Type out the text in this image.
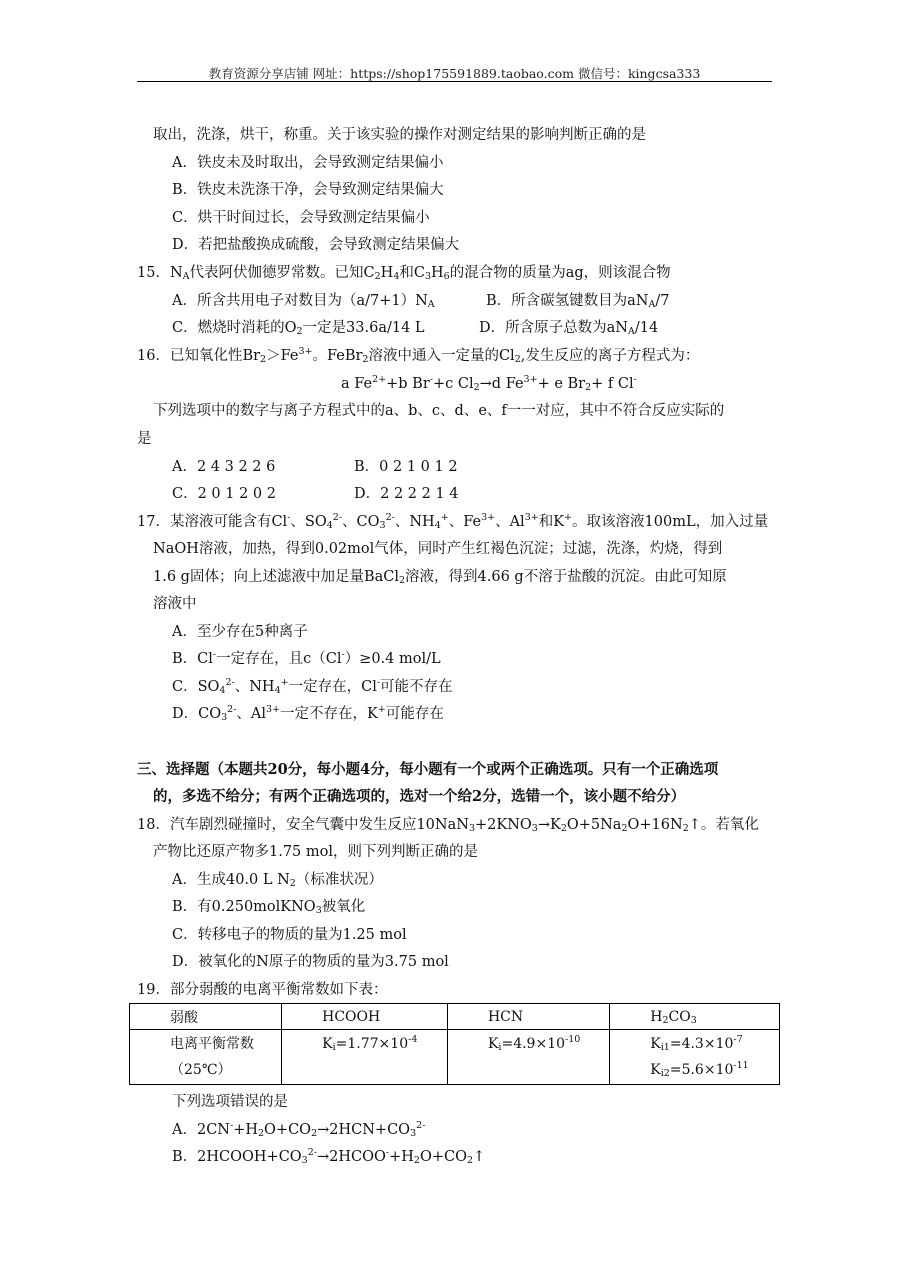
教育资源分享店铺 网址：https://shop175591889.taobao.com 微信号：kingcsa333
取出，洗涤，烘干，称重。关于该实验的操作对测定结果的影响判断正确的是
A．铁皮未及时取出，会导致测定结果偏小
B．铁皮未洗涤干净，会导致测定结果偏大
C．烘干时间过长，会导致测定结果偏小
D．若把盐酸换成硫酸，会导致测定结果偏大
15．$N_A$代表阿伏伽德罗常数。已知$C_2H_4$和$C_3H_6$的混合物的质量为ag，则该混合物
A．所含共用电子对数目为$(a/7+1)N_A$	B．所含碳氢键数目为$aN_A/7$
C．燃烧时消耗的$O_2$一定是33.6a/14 L	D．所含原子总数为$aN_A/14$
16．已知氧化性$Br_2>Fe^{3+}$。FeBr$_2$溶液中通入一定量的$Cl_2$,发生反应的离子方程式为：
a $Fe^{2+}+b$ Br-+c $Cl_2\to d$ $Fe^{3+}+ e$ $Br_2+ f$ Cl-
下列选项中的数字与离子方程式中的a、b、c、d、e、f一一对应，其中不符合反应实际的
是
A．2 4 3 2 2 6	B．0 2 1 0 1 2
C．2 0 1 2 0 2	D．2 2 2 2 1 4
17．某溶液可能含有Cl-、$SO_4^{2-}$、$CO_3^{2-}$、$NH_4^+$、$Fe^{3+}$、$Al^{3+}$和K+。取该溶液100mL，加入过量
NaOH溶液，加热，得到0.02mol气体，同时产生红褐色沉淀；过滤，洗涤，灼烧，得到
1.6 g固体；向上述滤液中加足量BaCl$_2$溶液，得到4.66 g不溶于盐酸的沉淀。由此可知原
溶液中
A．至少存在5种离子
B．Cl-一定存在，且c（Cl-）≥0.4 mol/L
C．$SO_4^{2-}$、$NH_4^+$一定存在，Cl-可能不存在
D．$CO_3^{2-}$、$Al^{3+}$一定不存在，K+可能存在
三、选择题（本题共20分，每小题4分，每小题有一个或两个正确选项。只有一个正确选项
的，多选不给分；有两个正确选项的，选对一个给2分，选错一个，该小题不给分）
18．汽车剧烈碰撞时，安全气囊中发生反应$10NaN_3+2KNO_3\to K_2O+5Na_2O+16N_2↑$。若氧化
产物比还原产物多1.75 mol，则下列判断正确的是
A．生成40.0 L $N_2$（标准状况）
B．有0.250molKNO$_3$被氧化
C．转移电子的物质的量为1.25 mol
D．被氧化的N原子的物质的量为3.75 mol
19．部分弱酸的电离平衡常数如下表：
弱酸	HCOOH	HCN	$H_2CO_3$

电离平衡常数
（25℃）	$K_i=1.77\times 10^{-4}$	$K_i=4.9\times 10^{-10}$	$K_{i1}=4.3\times 10^{-7}$
$K_{i2}=5.6\times 10^{-11}$
下列选项错误的是
A．$2CN^-+H_2O+CO_2\to 2HCN+CO_3^{2-}$
B．$2HCOOH+CO_3^{2-}\to 2HCOO^-+H_2O+CO_2↑$
